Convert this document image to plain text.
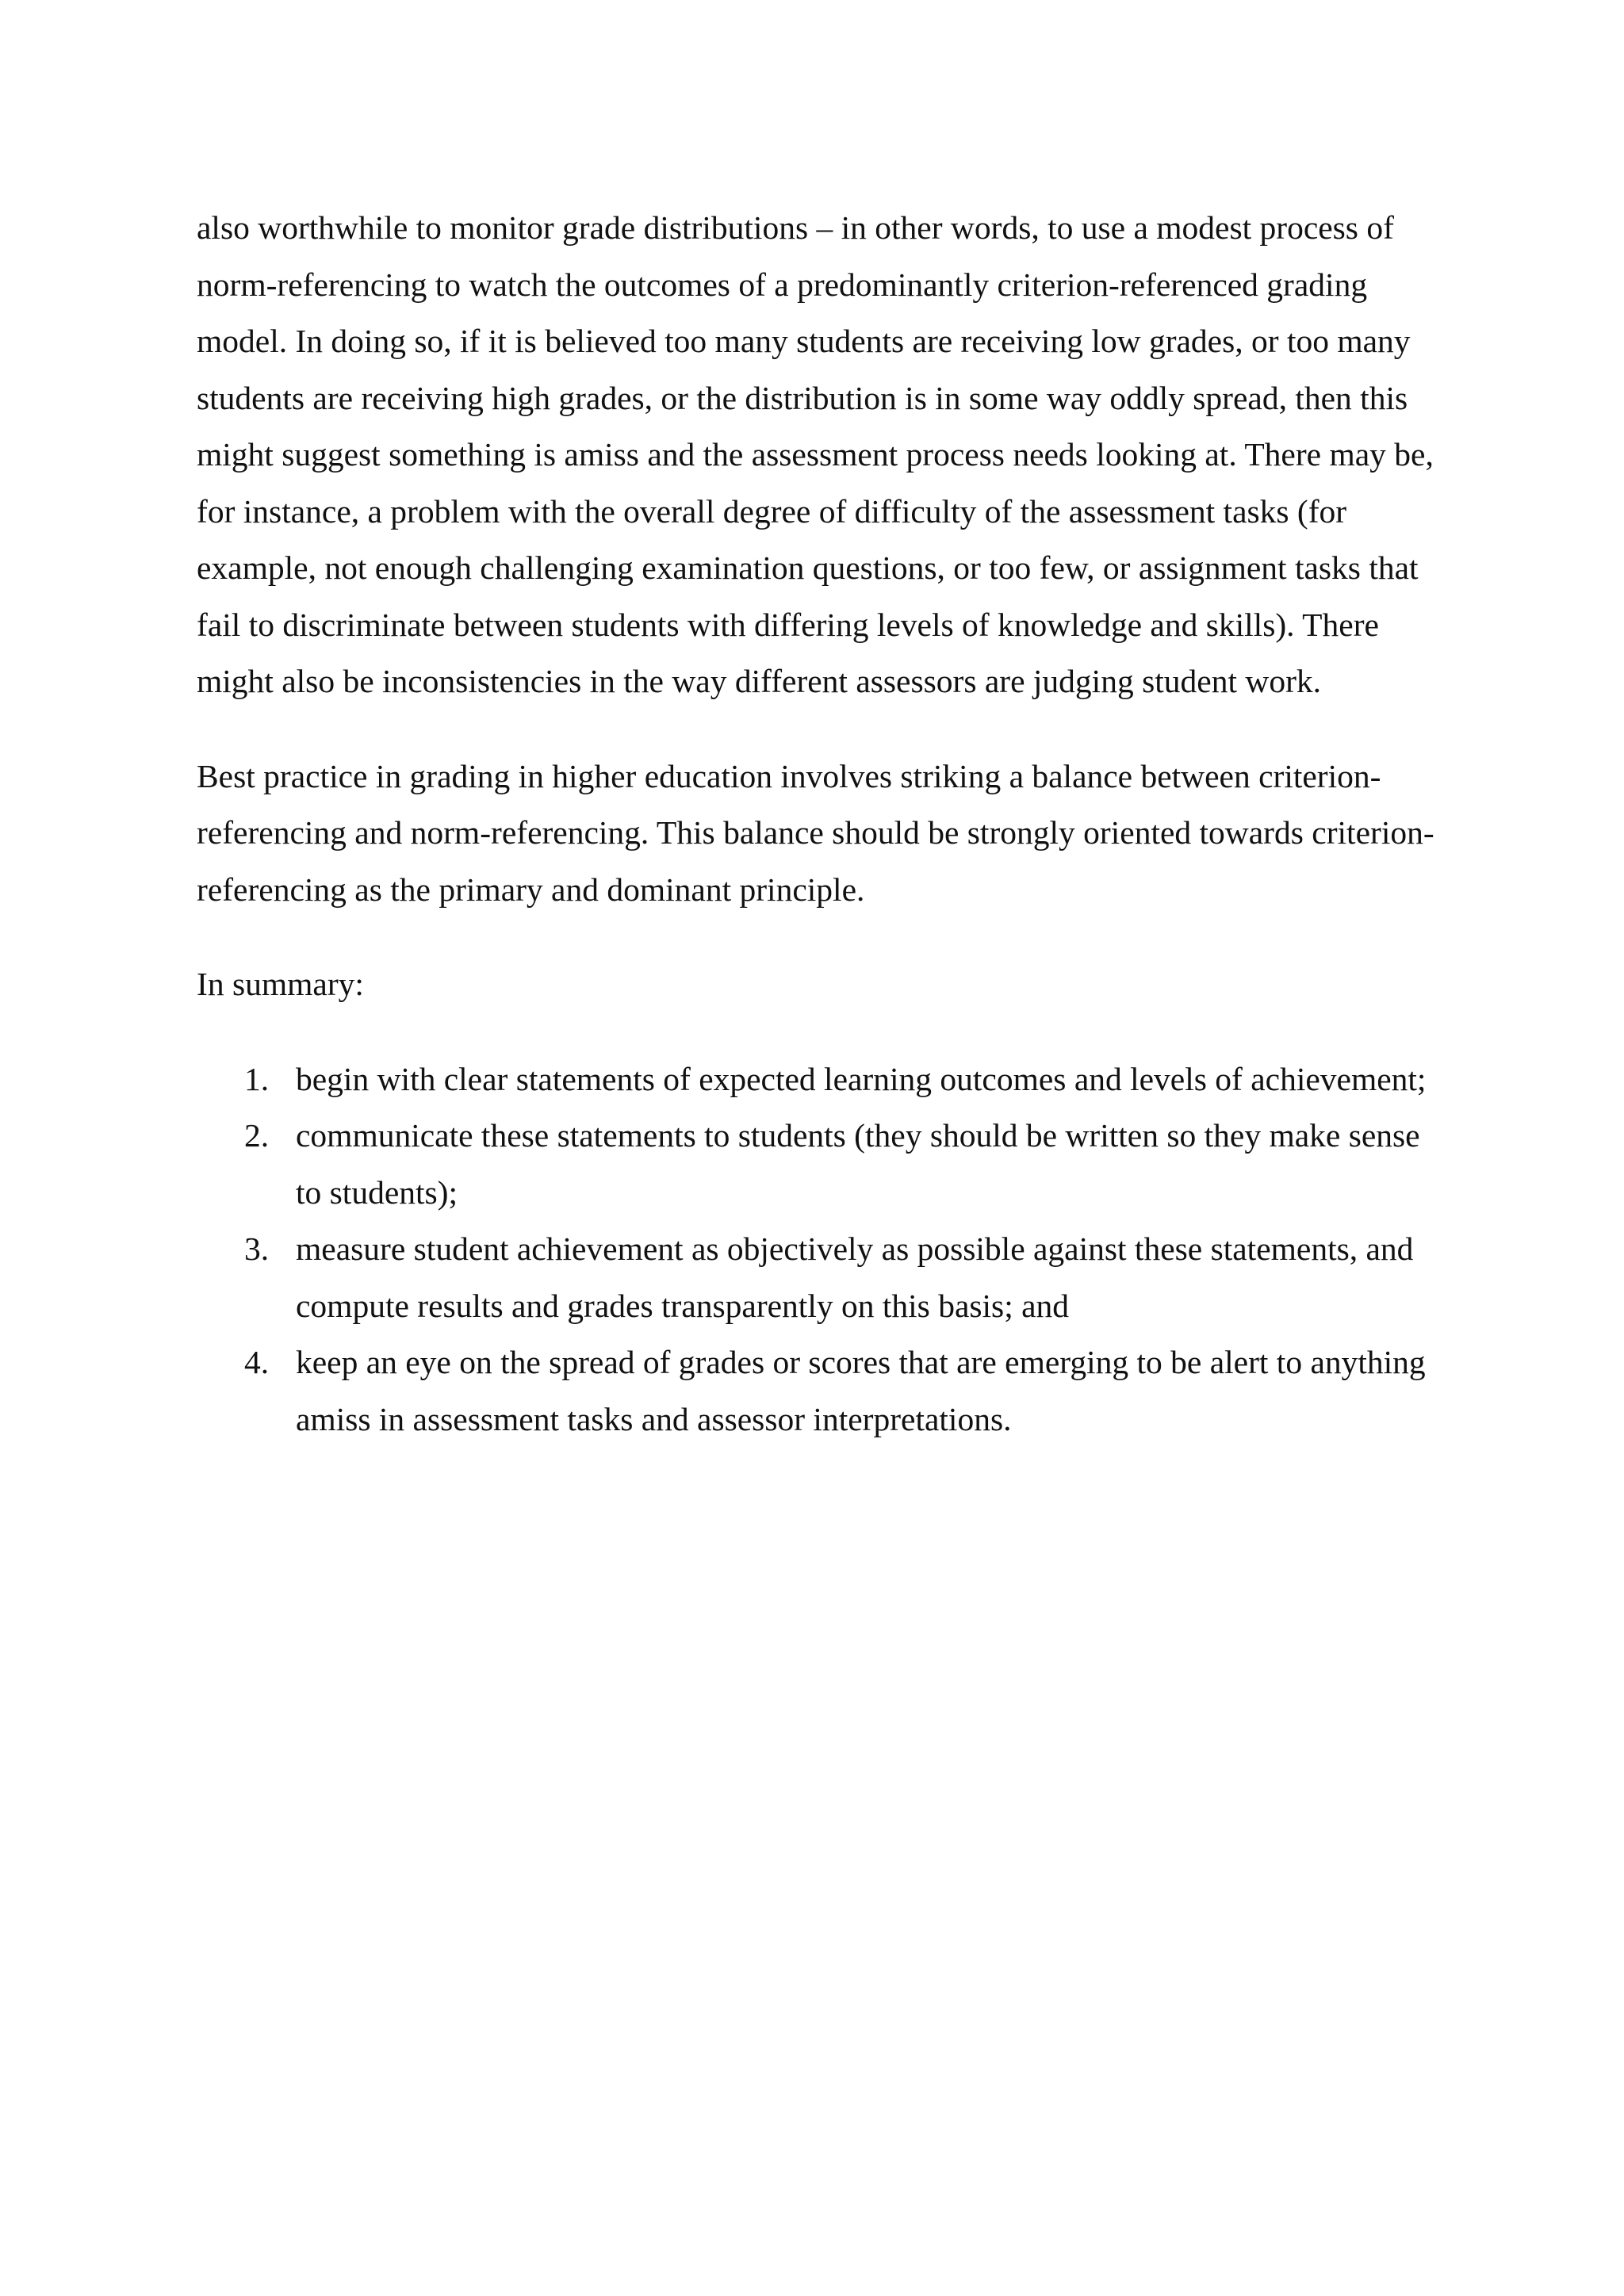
also worthwhile to monitor grade distributions – in other words, to use a modest process of norm-referencing to watch the outcomes of a predominantly criterion-referenced grading model. In doing so, if it is believed too many students are receiving low grades, or too many students are receiving high grades, or the distribution is in some way oddly spread, then this might suggest something is amiss and the assessment process needs looking at. There may be, for instance, a problem with the overall degree of difficulty of the assessment tasks (for example, not enough challenging examination questions, or too few, or assignment tasks that fail to discriminate between students with differing levels of knowledge and skills). There might also be inconsistencies in the way different assessors are judging student work.

Best practice in grading in higher education involves striking a balance between criterion-referencing and norm-referencing. This balance should be strongly oriented towards criterion-referencing as the primary and dominant principle.

In summary:

1. begin with clear statements of expected learning outcomes and levels of achievement;
2. communicate these statements to students (they should be written so they make sense to students);
3. measure student achievement as objectively as possible against these statements, and compute results and grades transparently on this basis; and
4. keep an eye on the spread of grades or scores that are emerging to be alert to anything amiss in assessment tasks and assessor interpretations.
